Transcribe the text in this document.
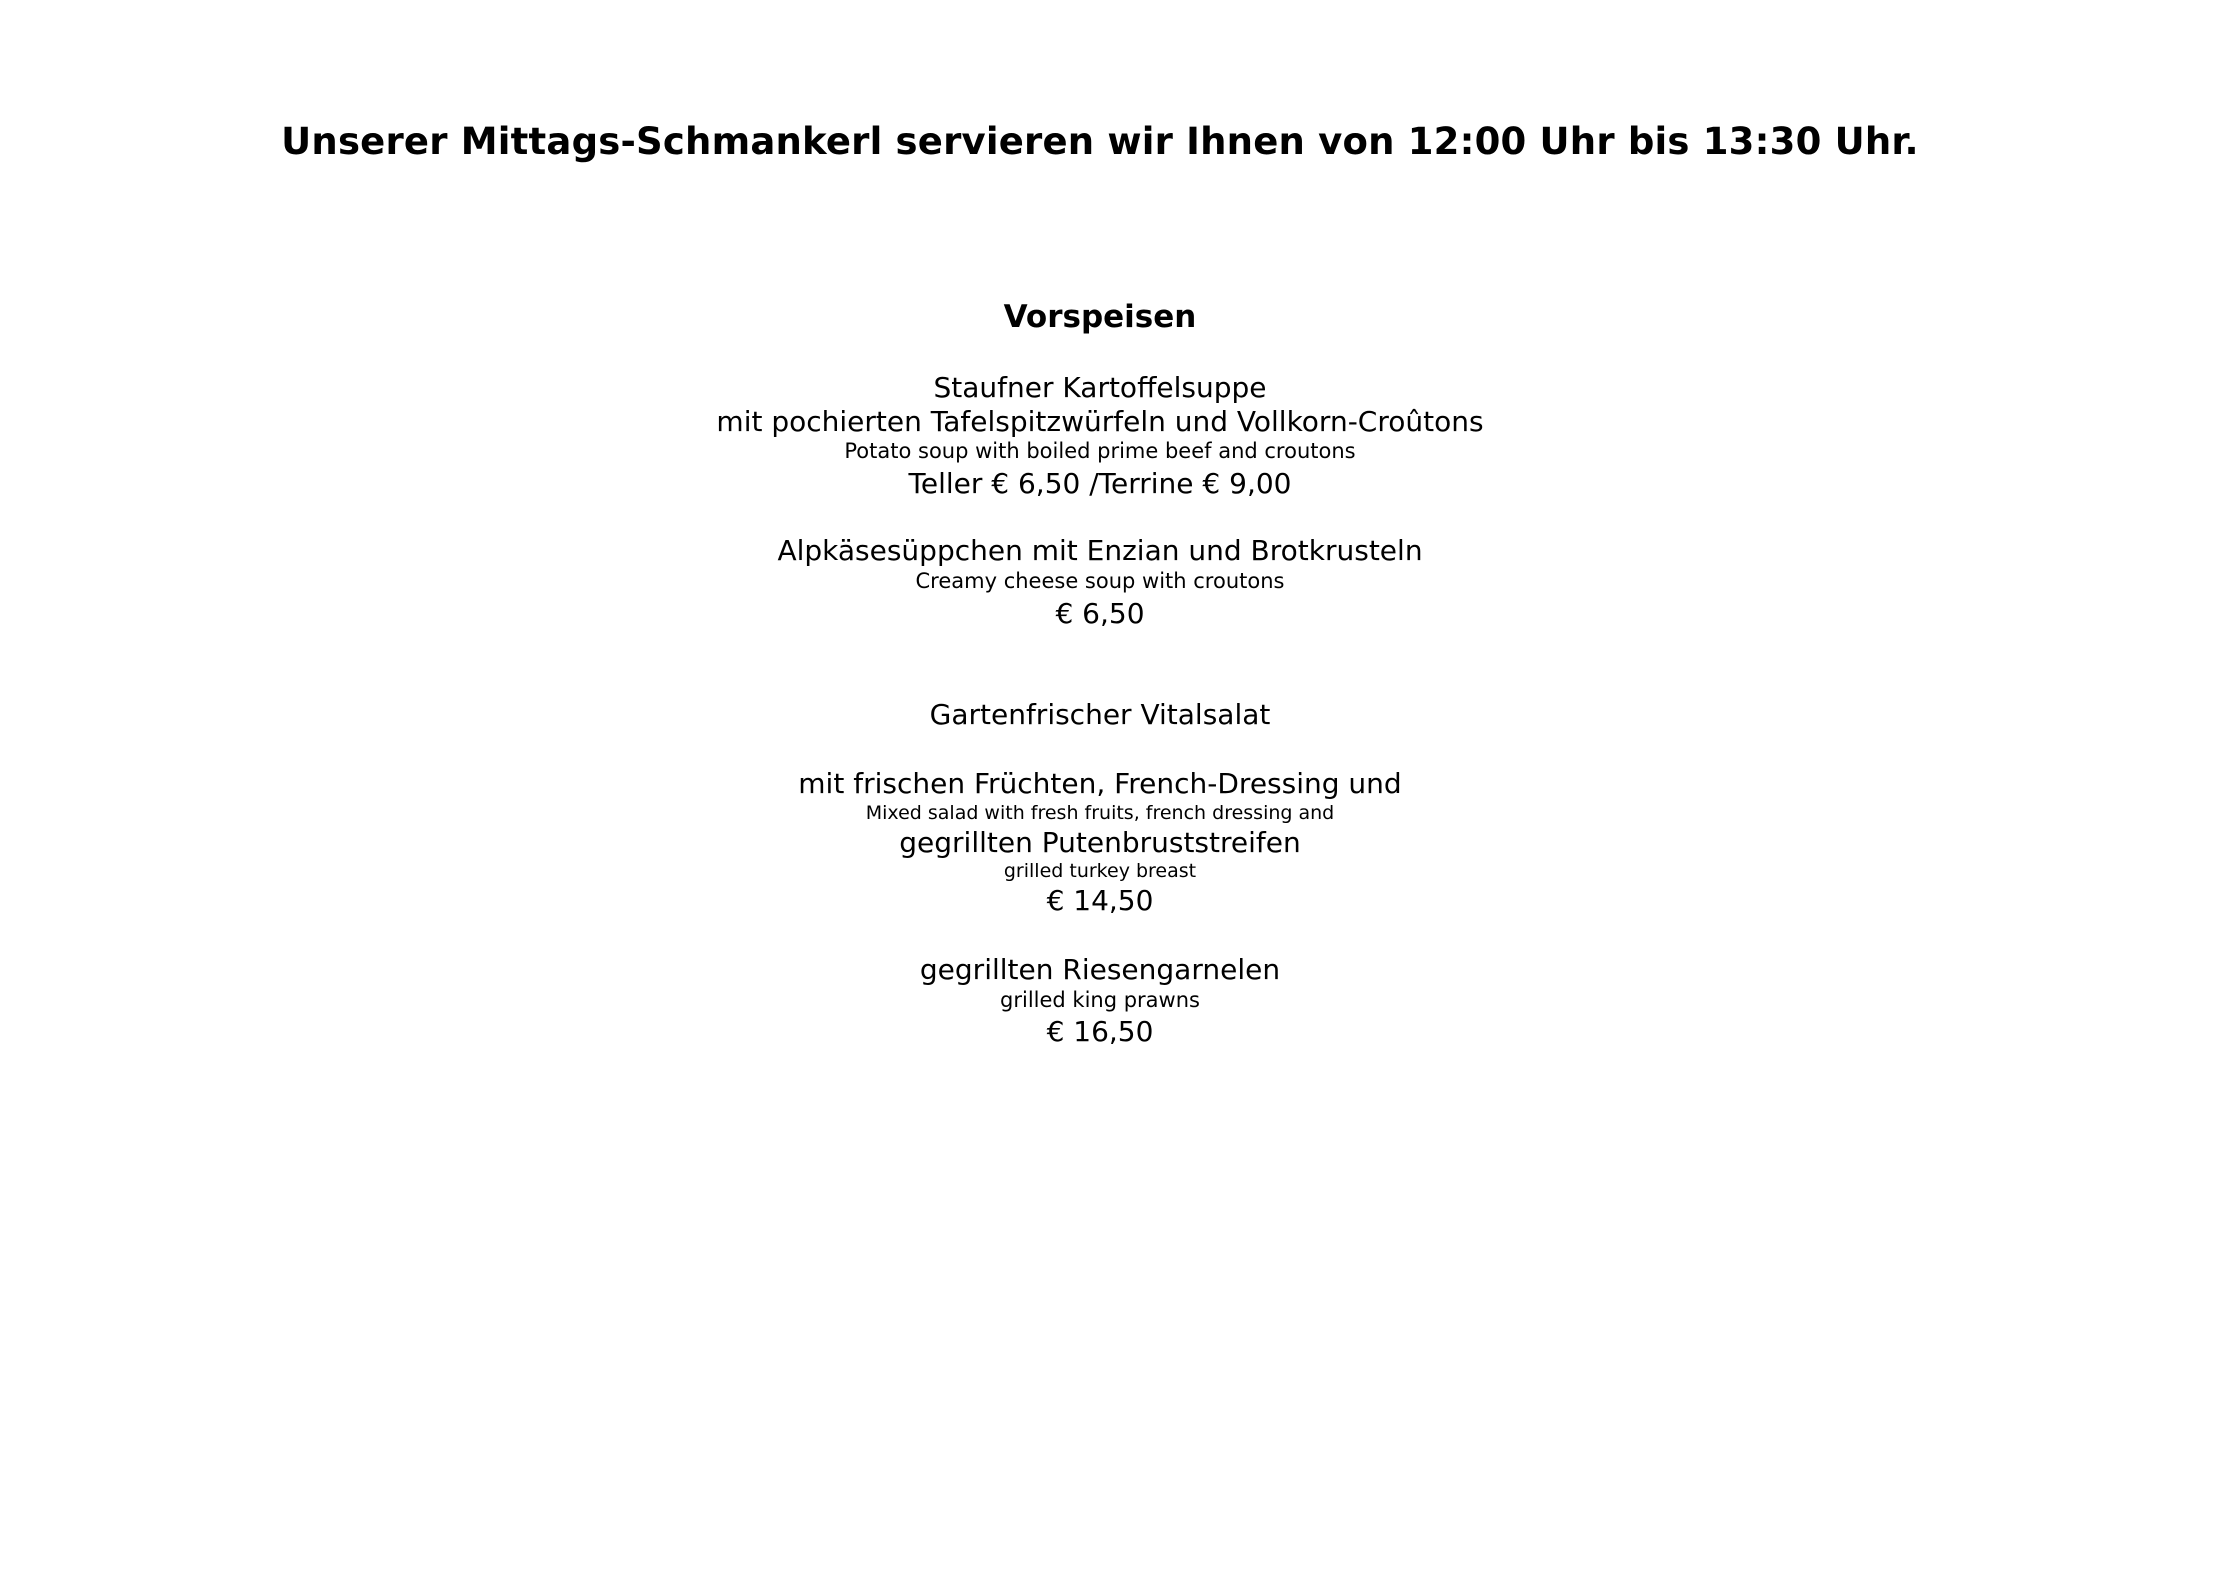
Unserer Mittags-Schmankerl servieren wir Ihnen von 12:00 Uhr bis 13:30 Uhr.
Vorspeisen
Staufner Kartoffelsuppe
mit pochierten Tafelspitzwürfeln und Vollkorn-Croûtons
Potato soup with boiled prime beef and croutons
Teller € 6,50 /Terrine € 9,00
Alpkäsesüppchen mit Enzian und Brotkrusteln
Creamy cheese soup with croutons
€ 6,50
Gartenfrischer Vitalsalat
mit frischen Früchten, French-Dressing und
Mixed salad with fresh fruits, french dressing and
gegrillten Putenbruststreifen
grilled turkey breast
€ 14,50
gegrillten Riesengarnelen
grilled king prawns
€ 16,50
